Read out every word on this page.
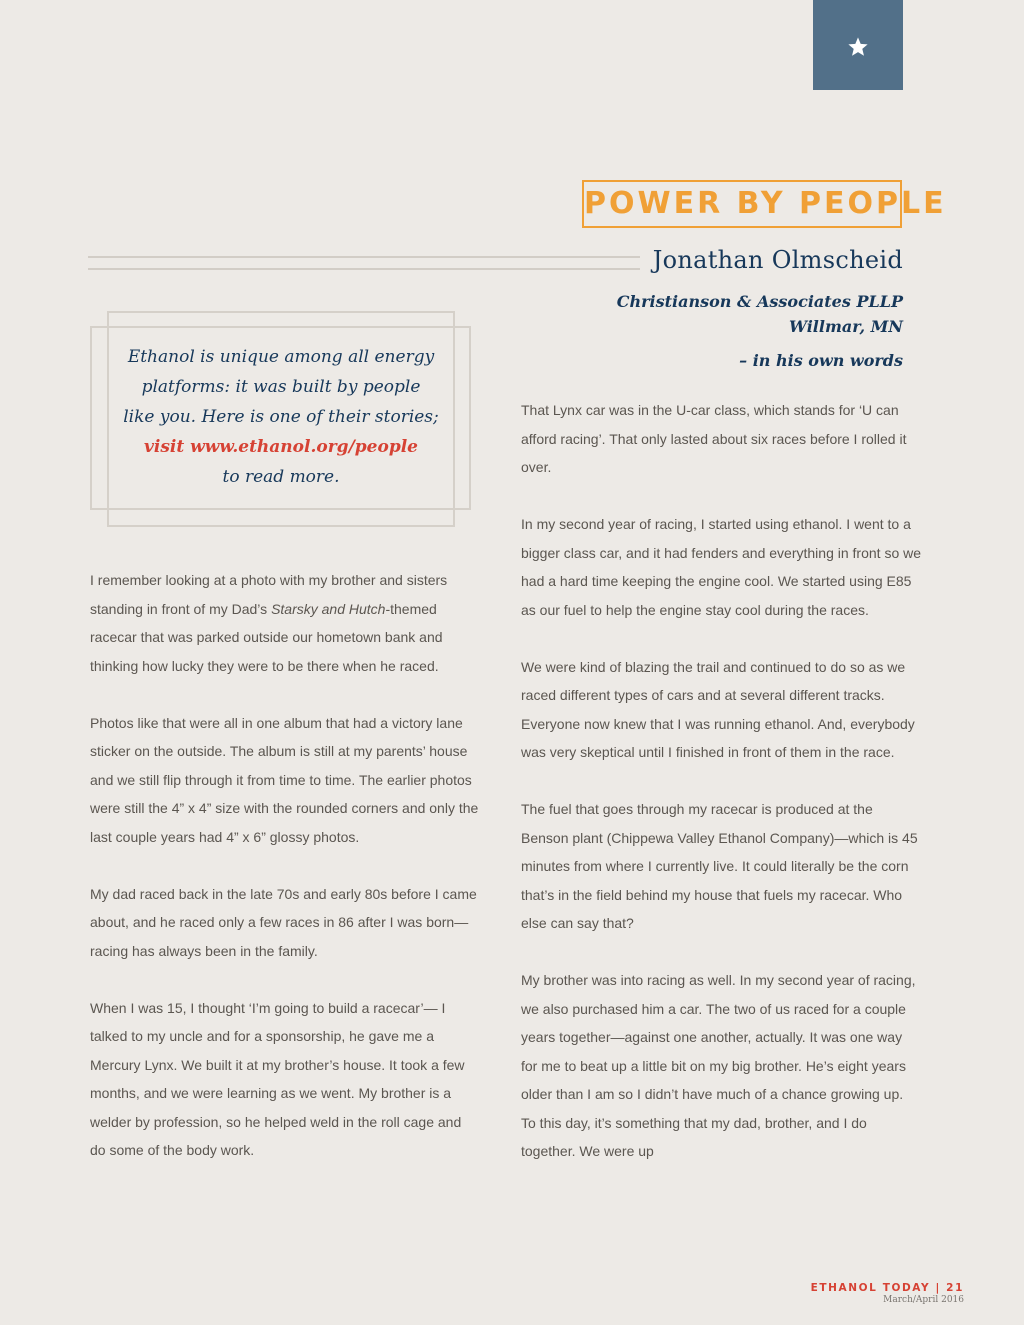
POWER BY PEOPLE
Jonathan Olmscheid
Christianson & Associates PLLP
Willmar, MN
– in his own words
Ethanol is unique among all energy
platforms: it was built by people
like you. Here is one of their stories;
visit www.ethanol.org/people
to read more.

I remember looking at a photo with my brother and sisters standing in front of my Dad’s Starsky and Hutch-themed racecar that was parked outside our hometown bank and thinking how lucky they were to be there when he raced.

Photos like that were all in one album that had a victory lane sticker on the outside. The album is still at my parents’ house and we still flip through it from time to time. The earlier photos were still the 4” x 4” size with the rounded corners and only the last couple years had 4” x 6” glossy photos.

My dad raced back in the late 70s and early 80s before I came about, and he raced only a few races in 86 after I was born—racing has always been in the family.

When I was 15, I thought ‘I’m going to build a racecar’— I talked to my uncle and for a sponsorship, he gave me a Mercury Lynx. We built it at my brother’s house. It took a few months, and we were learning as we went. My brother is a welder by profession, so he helped weld in the roll cage and do some of the body work.

That Lynx car was in the U-car class, which stands for ‘U can afford racing’. That only lasted about six races before I rolled it over.

In my second year of racing, I started using ethanol. I went to a bigger class car, and it had fenders and everything in front so we had a hard time keeping the engine cool. We started using E85 as our fuel to help the engine stay cool during the races.

We were kind of blazing the trail and continued to do so as we raced different types of cars and at several different tracks. Everyone now knew that I was running ethanol. And, everybody was very skeptical until I finished in front of them in the race.

The fuel that goes through my racecar is produced at the Benson plant (Chippewa Valley Ethanol Company)—which is 45 minutes from where I currently live. It could literally be the corn that’s in the field behind my house that fuels my racecar. Who else can say that?

My brother was into racing as well. In my second year of racing, we also purchased him a car. The two of us raced for a couple years together—against one another, actually. It was one way for me to beat up a little bit on my big brother. He’s eight years older than I am so I didn’t have much of a chance growing up. To this day, it’s something that my dad, brother, and I do together. We were up

ETHANOL TODAY | 21
March/April 2016
